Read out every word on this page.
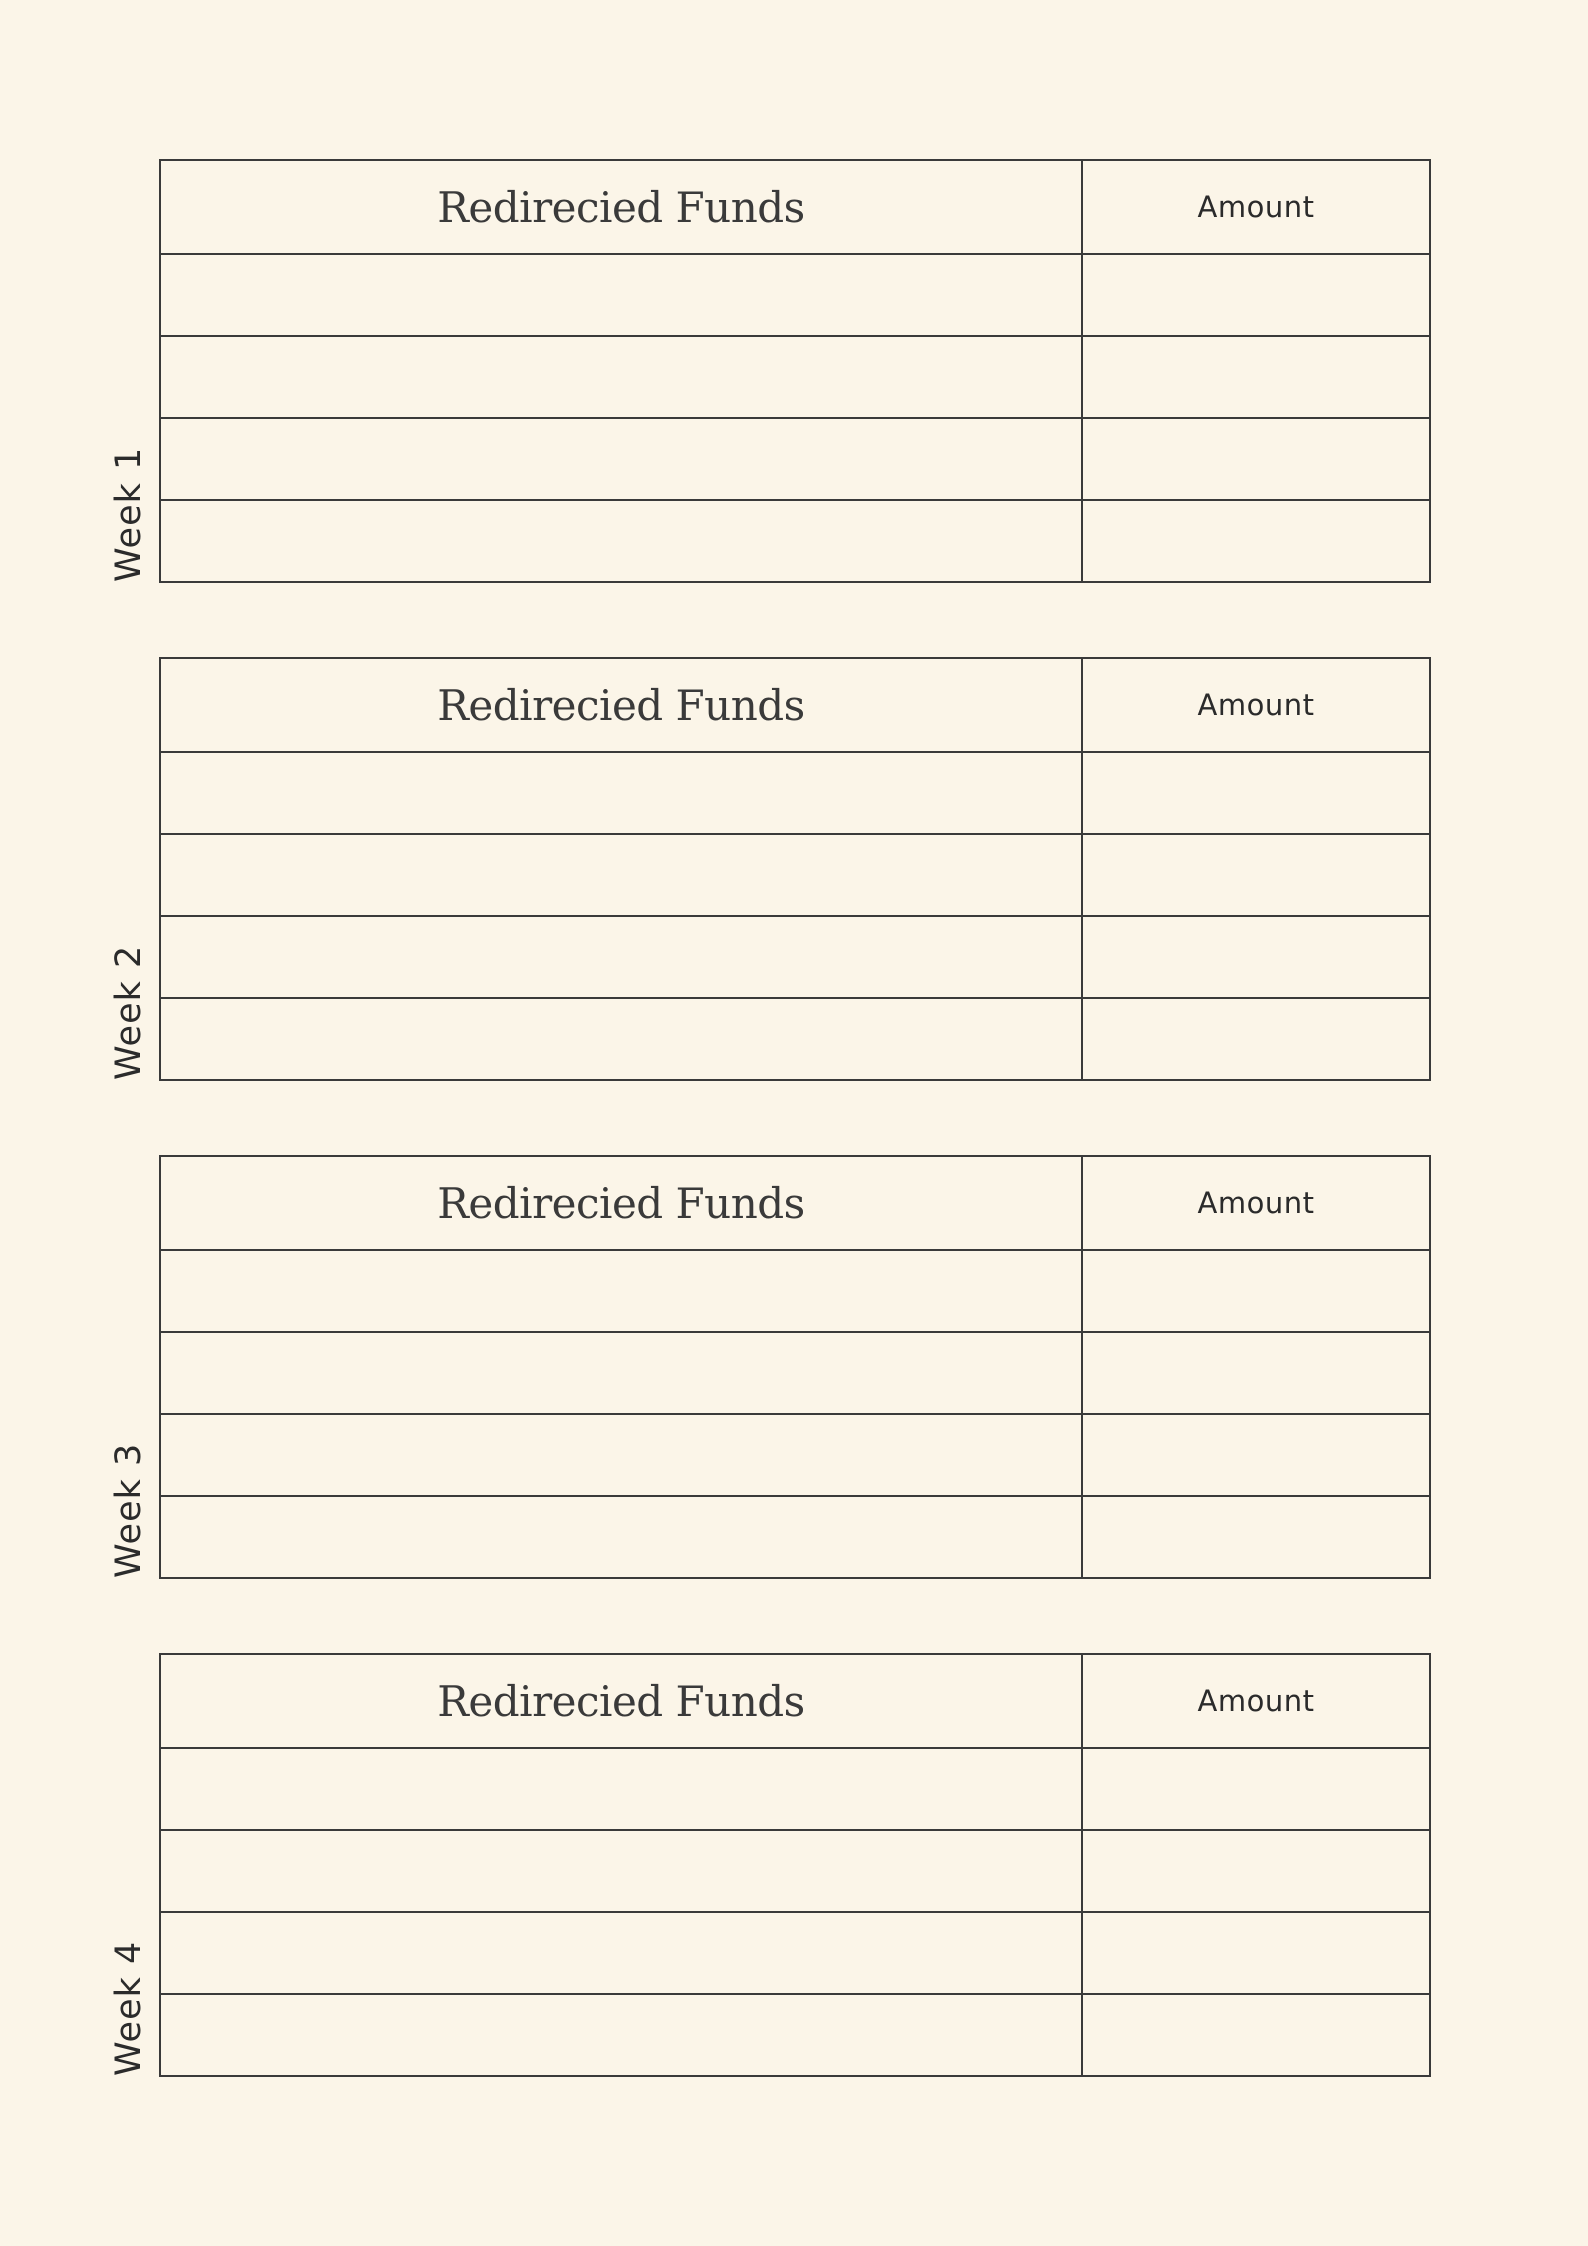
Week 1
Redirecied Funds	Amount

Week 2
Redirecied Funds	Amount

Week 3
Redirecied Funds	Amount

Week 4
Redirecied Funds	Amount
